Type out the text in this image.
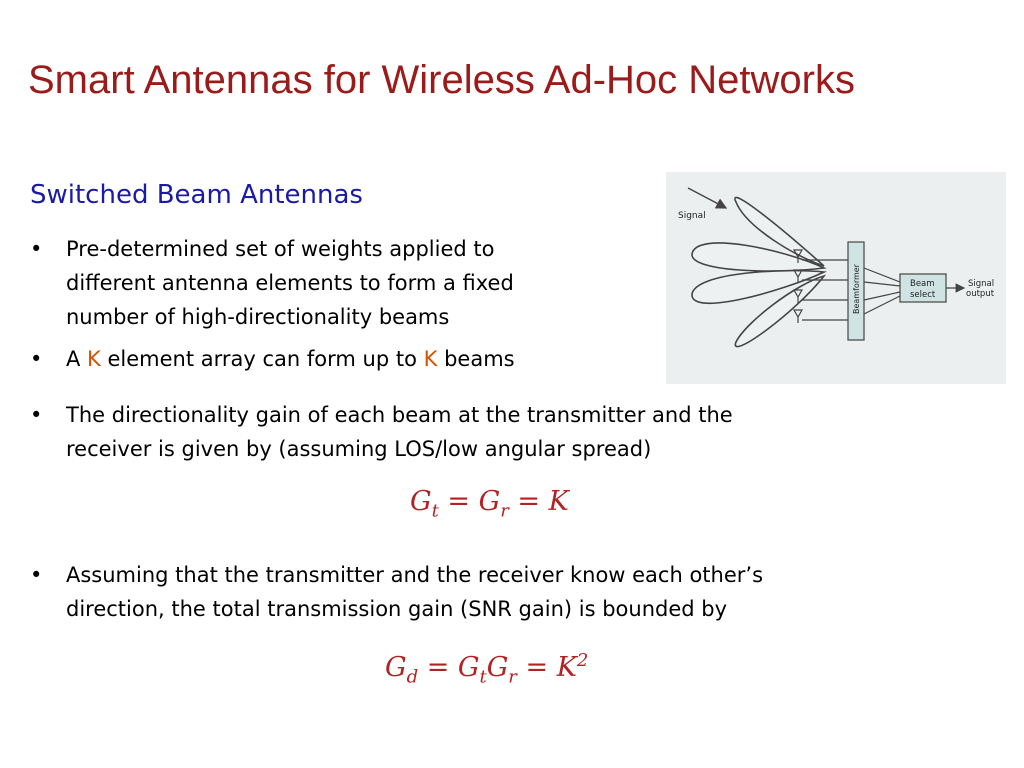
Smart Antennas for Wireless Ad-Hoc Networks
Switched Beam Antennas
•	Pre-determined set of weights applied to
different antenna elements to form a fixed
number of high-directionality beams
•	A K element array can form up to K beams
•	The directionality gain of each beam at the transmitter and the
receiver is given by (assuming LOS/low angular spread)
$G_t = G_r = K$
•	Assuming that the transmitter and the receiver know each other’s
direction, the total transmission gain (SNR gain) is bounded by
$G_d = G_tG_r = K^2$
Beamformer	Beam
select
Signal
output
Signal
